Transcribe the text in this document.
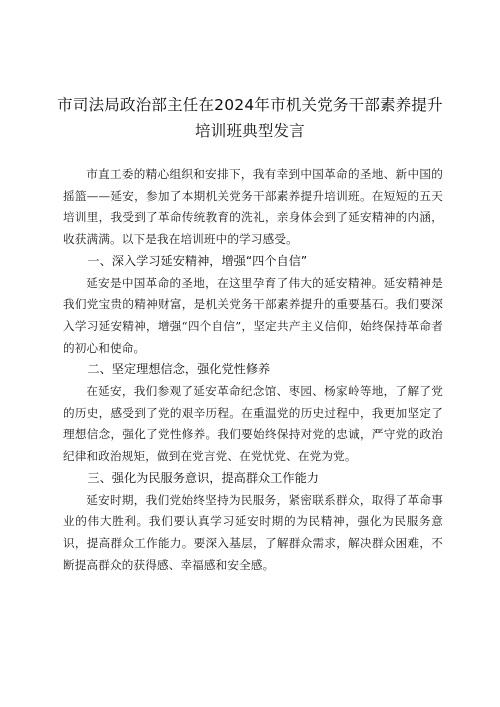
市司法局政治部主任在2024年市机关党务干部素养提升
培训班典型发言

市直工委的精心组织和安排下，我有幸到中国革命的圣地、新中国的摇篮——延安，参加了本期机关党务干部素养提升培训班。在短短的五天培训里，我受到了革命传统教育的洗礼，亲身体会到了延安精神的内涵，收获满满。以下是我在培训班中的学习感受。

一、深入学习延安精神，增强“四个自信”

延安是中国革命的圣地，在这里孕育了伟大的延安精神。延安精神是我们党宝贵的精神财富，是机关党务干部素养提升的重要基石。我们要深入学习延安精神，增强“四个自信”，坚定共产主义信仰，始终保持革命者的初心和使命。

二、坚定理想信念，强化党性修养

在延安，我们参观了延安革命纪念馆、枣园、杨家岭等地，了解了党的历史，感受到了党的艰辛历程。在重温党的历史过程中，我更加坚定了理想信念，强化了党性修养。我们要始终保持对党的忠诚，严守党的政治纪律和政治规矩，做到在党言党、在党忧党、在党为党。

三、强化为民服务意识，提高群众工作能力

延安时期，我们党始终坚持为民服务，紧密联系群众，取得了革命事业的伟大胜利。我们要认真学习延安时期的为民精神，强化为民服务意识，提高群众工作能力。要深入基层，了解群众需求，解决群众困难，不断提高群众的获得感、幸福感和安全感。
